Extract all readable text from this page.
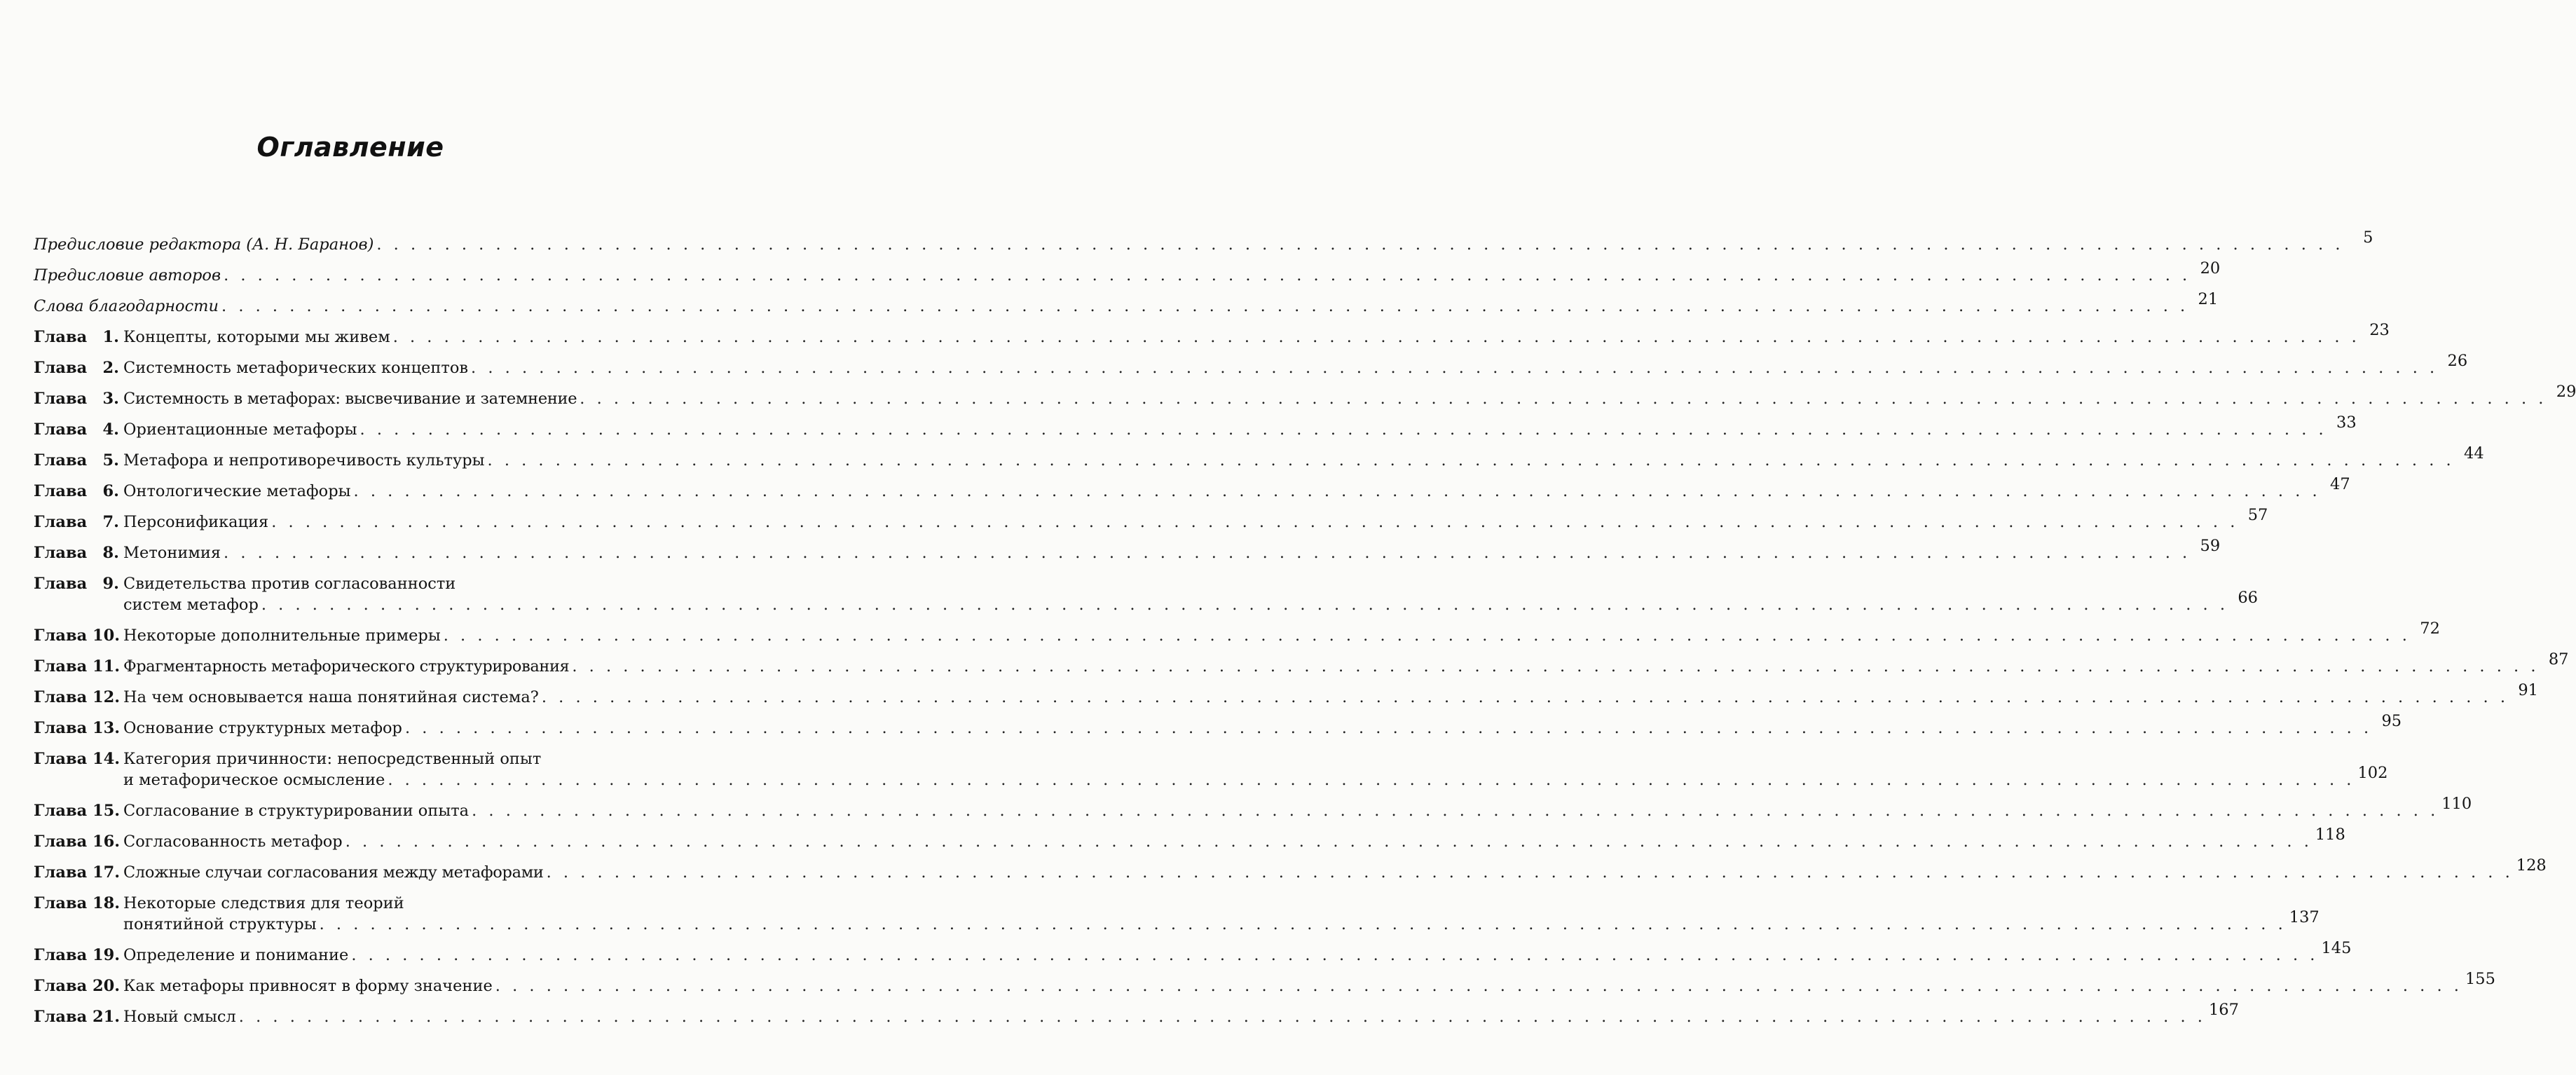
Оглавление
Предисловие редактора (А. Н. Баранов) . . .	5
Предисловие авторов . . .	20
Слова благодарности . . .	21
Глава 1. Концепты, которыми мы живем . . .	23
Глава 2. Системность метафорических концептов . . .	26
Глава 3. Системность в метафорах: высвечивание и затемнение . . .	29
Глава 4. Ориентационные метафоры . . .	33
Глава 5. Метафора и непротиворечивость культуры . . .	44
Глава 6. Онтологические метафоры . . .	47
Глава 7. Персонификация . . .	57
Глава 8. Метонимия . . .	59
Глава 9. Свидетельства против согласованности
систем метафор . . .	66
Глава 10. Некоторые дополнительные примеры . . .	72
Глава 11. Фрагментарность метафорического структурирования . . .	87
Глава 12. На чем основывается наша понятийная система? . . .	91
Глава 13. Основание структурных метафор . . .	95
Глава 14. Категория причинности: непосредственный опыт
и метафорическое осмысление . . .	102
Глава 15. Согласование в структурировании опыта . . .	110
Глава 16. Согласованность метафор . . .	118
Глава 17. Сложные случаи согласования между метафорами . . .	128
Глава 18. Некоторые следствия для теорий
понятийной структуры . . .	137
Глава 19. Определение и понимание . . .	145
Глава 20. Как метафоры привносят в форму значение . . .	155
Глава 21. Новый смысл . . .	167
